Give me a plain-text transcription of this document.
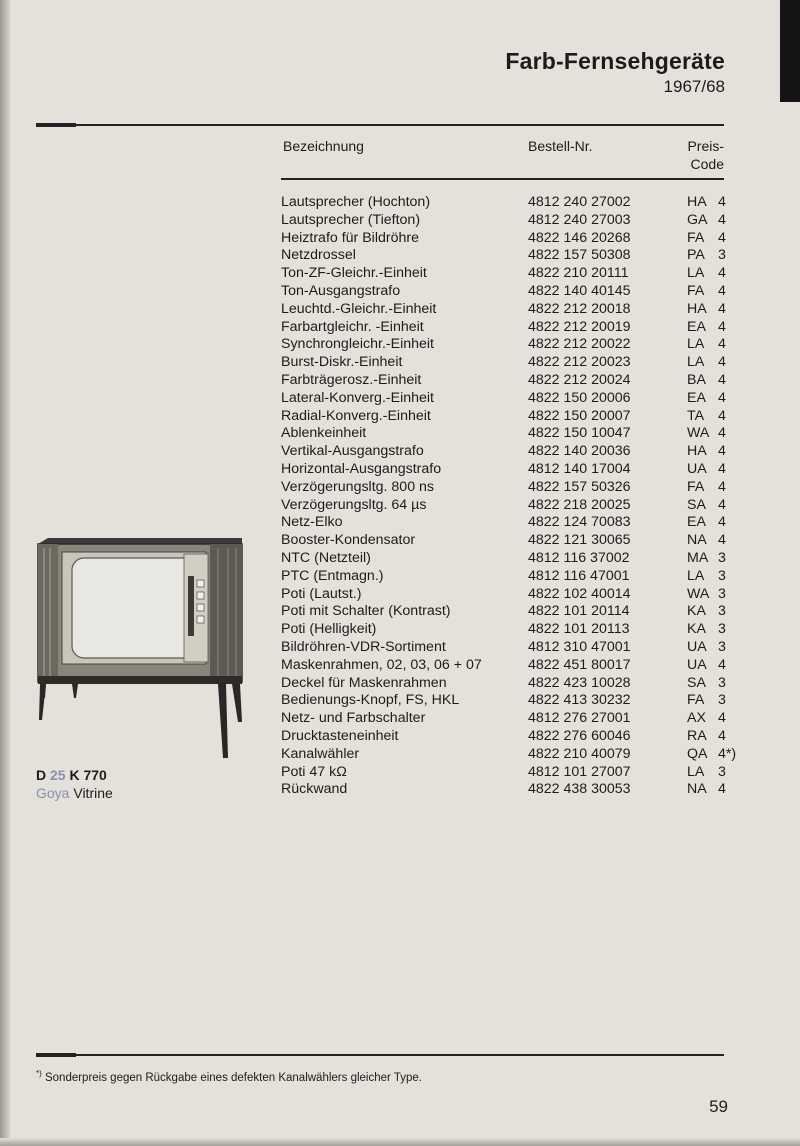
Farb-Fernsehgeräte
1967/68
Bezeichnung	Bestell-Nr.	Preis-
Code
Lautsprecher (Hochton)	4812 240 27002	HA 4
Lautsprecher (Tiefton)	4812 240 27003	GA 4
Heiztrafo für Bildröhre	4822 146 20268	FA 4
Netzdrossel	4822 157 50308	PA 3
Ton-ZF-Gleichr.-Einheit	4822 210 20111	LA 4
Ton-Ausgangstrafo	4822 140 40145	FA 4
Leuchtd.-Gleichr.-Einheit	4822 212 20018	HA 4
Farbartgleichr. -Einheit	4822 212 20019	EA 4
Synchrongleichr.-Einheit	4822 212 20022	LA 4
Burst-Diskr.-Einheit	4822 212 20023	LA 4
Farbträgerosz.-Einheit	4822 212 20024	BA 4
Lateral-Konverg.-Einheit	4822 150 20006	EA 4
Radial-Konverg.-Einheit	4822 150 20007	TA 4
Ablenkeinheit	4822 150 10047	WA 4
Vertikal-Ausgangstrafo	4822 140 20036	HA 4
Horizontal-Ausgangstrafo	4812 140 17004	UA 4
Verzögerungsltg. 800 ns	4822 157 50326	FA 4
Verzögerungsltg. 64 µs	4822 218 20025	SA 4
Netz-Elko	4822 124 70083	EA 4
Booster-Kondensator	4822 121 30065	NA 4
NTC (Netzteil)	4812 116 37002	MA 3
PTC (Entmagn.)	4812 116 47001	LA 3
Poti (Lautst.)	4822 102 40014	WA 3
Poti mit Schalter (Kontrast)	4822 101 20114	KA 3
Poti (Helligkeit)	4822 101 20113	KA 3
Bildröhren-VDR-Sortiment	4812 310 47001	UA 3
Maskenrahmen, 02, 03, 06 + 07	4822 451 80017	UA 4
Deckel für Maskenrahmen	4822 423 10028	SA 3
Bedienungs-Knopf, FS, HKL	4822 413 30232	FA 3
Netz- und Farbschalter	4812 276 27001	AX 4
Drucktasteneinheit	4822 276 60046	RA 4
Kanalwähler	4822 210 40079	QA 4*)
Poti 47 kΩ	4812 101 27007	LA 3
Rückwand	4822 438 30053	NA 4
D 25 K 770
Goya Vitrine
*) Sonderpreis gegen Rückgabe eines defekten Kanalwählers gleicher Type.
59
